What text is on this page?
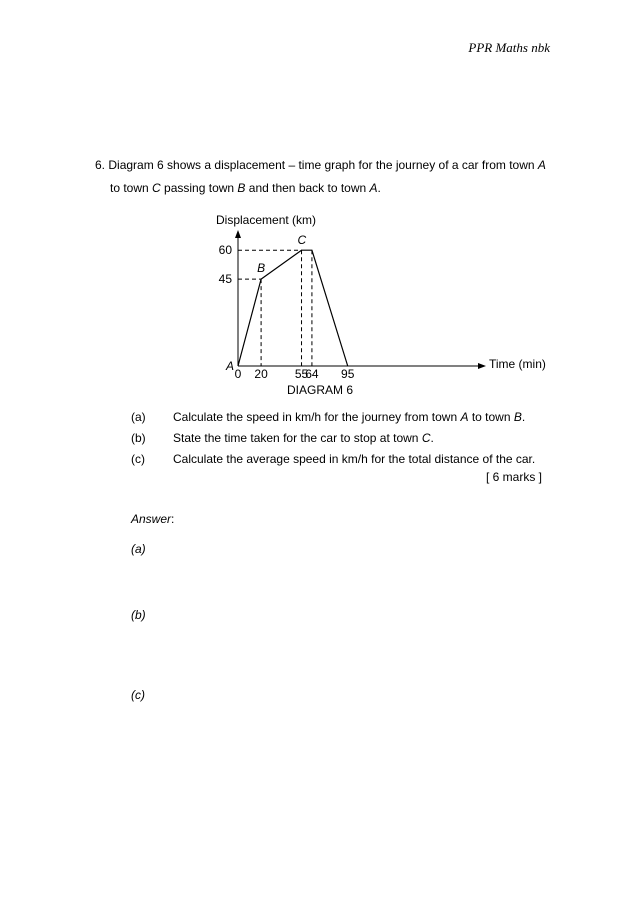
PPR Maths nbk
6. Diagram 6 shows a displacement – time graph for the journey of a car from town A
to town C passing town B and then back to town A.
Displacement (km)
Time (min)
0 20 55
64 95
45
60
A
B
C
DIAGRAM 6
(a) Calculate the speed in km/h for the journey from town A to town B.
(b) State the time taken for the car to stop at town C.
(c) Calculate the average speed in km/h for the total distance of the car.
[ 6 marks ]
Answer:
(a)
(b)
(c)
